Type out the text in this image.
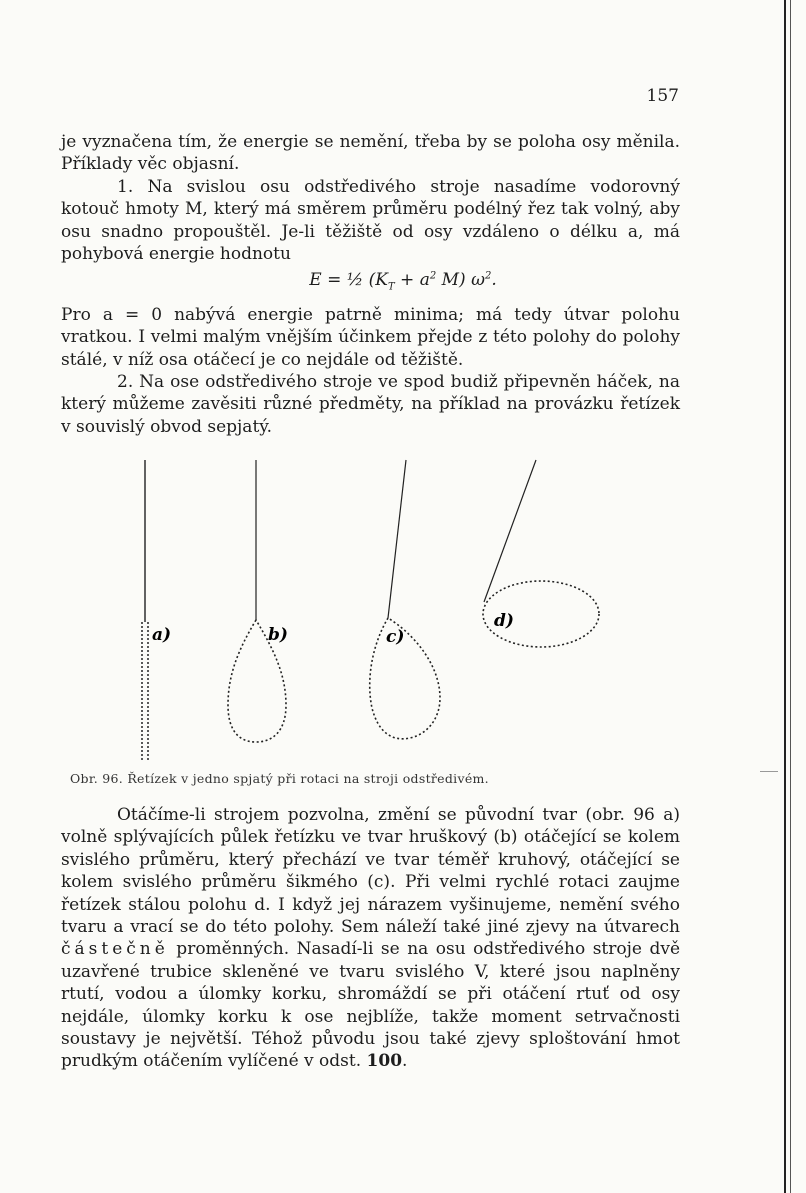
157

je vyznačena tím, že energie se nemění, třeba by se poloha osy měnila. Příklady věc objasní.

1. Na svislou osu odstředivého stroje nasadíme vodorovný kotouč hmoty M, který má směrem průměru podélný řez tak volný, aby osu snadno propouštěl. Je-li těžiště od osy vzdáleno o délku a, má pohybová energie hodnotu

E = ½ ($K_T + a^2$ M) $\omega^2$.

Pro a = 0 nabývá energie patrně minima; má tedy útvar polohu vratkou. I velmi malým vnějším účinkem přejde z této polohy do polohy stálé, v níž osa otáčecí je co nejdále od těžiště.

2. Na ose odstředivého stroje ve spod budiž připevněn háček, na který můžeme zavěsiti různé předměty, na příklad na provázku řetízek v souvislý obvod sepjatý.

a)	b)	c)
d)
Obr. 96. Řetízek v jedno spjatý při rotaci na stroji odstředivém.

Otáčíme-li strojem pozvolna, změní se původní tvar (obr. 96 a) volně splývajících půlek řetízku ve tvar hruškový (b) otáčející se kolem svislého průměru, který přechází ve tvar téměř kruhový, otáčející se kolem svislého průměru šikmého (c). Při velmi rychlé rotaci zaujme řetízek stálou polohu d. I když jej nárazem vyšinujeme, nemění svého tvaru a vrací se do této polohy. Sem náleží také jiné zjevy na útvarech částečně proměnných. Nasadí-li se na osu odstředivého stroje dvě uzavřené trubice skleněné ve tvaru svislého V, které jsou naplněny rtutí, vodou a úlomky korku, shromáždí se při otáčení rtuť od osy nejdále, úlomky korku k ose nejblíže, takže moment setrvačnosti soustavy je největší. Téhož původu jsou také zjevy sploštování hmot prudkým otáčením vylíčené v odst. 100.
